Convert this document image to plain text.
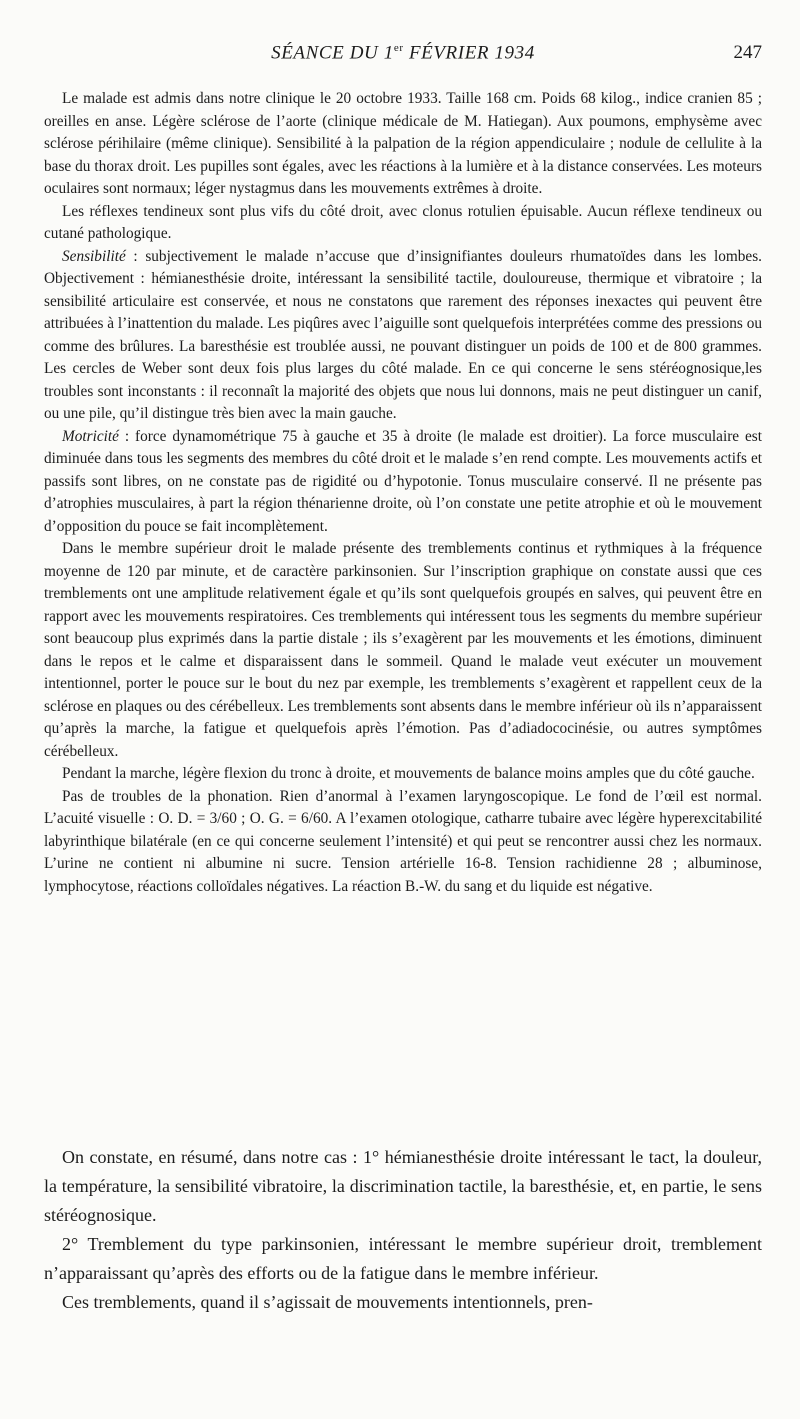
SÉANCE DU 1er FÉVRIER 1934	247

Le malade est admis dans notre clinique le 20 octobre 1933. Taille 168 cm. Poids 68 kilog., indice cranien 85 ; oreilles en anse. Légère sclérose de l’aorte (clinique médicale de M. Hatiegan). Aux poumons, emphysème avec sclérose périhilaire (même clinique). Sensibilité à la palpation de la région appendiculaire ; nodule de cellulite à la base du thorax droit. Les pupilles sont égales, avec les réactions à la lumière et à la distance conservées. Les moteurs oculaires sont normaux; léger nystagmus dans les mouvements extrêmes à droite.

Les réflexes tendineux sont plus vifs du côté droit, avec clonus rotulien épuisable. Aucun réflexe tendineux ou cutané pathologique.

Sensibilité : subjectivement le malade n’accuse que d’insignifiantes douleurs rhumatoïdes dans les lombes. Objectivement : hémianesthésie droite, intéressant la sensibilité tactile, douloureuse, thermique et vibratoire ; la sensibilité articulaire est conservée, et nous ne constatons que rarement des réponses inexactes qui peuvent être attribuées à l’inattention du malade. Les piqûres avec l’aiguille sont quelquefois interprétées comme des pressions ou comme des brûlures. La baresthésie est troublée aussi, ne pouvant distinguer un poids de 100 et de 800 grammes. Les cercles de Weber sont deux fois plus larges du côté malade. En ce qui concerne le sens stéréognosique,les troubles sont inconstants : il reconnaît la majorité des objets que nous lui donnons, mais ne peut distinguer un canif, ou une pile, qu’il distingue très bien avec la main gauche.

Motricité : force dynamométrique 75 à gauche et 35 à droite (le malade est droitier). La force musculaire est diminuée dans tous les segments des membres du côté droit et le malade s’en rend compte. Les mouvements actifs et passifs sont libres, on ne constate pas de rigidité ou d’hypotonie. Tonus musculaire conservé. Il ne présente pas d’atrophies musculaires, à part la région thénarienne droite, où l’on constate une petite atrophie et où le mouvement d’opposition du pouce se fait incomplètement.

Dans le membre supérieur droit le malade présente des tremblements continus et rythmiques à la fréquence moyenne de 120 par minute, et de caractère parkinsonien. Sur l’inscription graphique on constate aussi que ces tremblements ont une amplitude relativement égale et qu’ils sont quelquefois groupés en salves, qui peuvent être en rapport avec les mouvements respiratoires. Ces tremblements qui intéressent tous les segments du membre supérieur sont beaucoup plus exprimés dans la partie distale ; ils s’exagèrent par les mouvements et les émotions, diminuent dans le repos et le calme et disparaissent dans le sommeil. Quand le malade veut exécuter un mouvement intentionnel, porter le pouce sur le bout du nez par exemple, les tremblements s’exagèrent et rappellent ceux de la sclérose en plaques ou des cérébelleux. Les tremblements sont absents dans le membre inférieur où ils n’apparaissent qu’après la marche, la fatigue et quelquefois après l’émotion. Pas d’adiadococinésie, ou autres symptômes cérébelleux.

Pendant la marche, légère flexion du tronc à droite, et mouvements de balance moins amples que du côté gauche.

Pas de troubles de la phonation. Rien d’anormal à l’examen laryngoscopique. Le fond de l’œil est normal. L’acuité visuelle : O. D. = 3/60 ; O. G. = 6/60. A l’examen otologique, catharre tubaire avec légère hyperexcitabilité labyrinthique bilatérale (en ce qui concerne seulement l’intensité) et qui peut se rencontrer aussi chez les normaux. L’urine ne contient ni albumine ni sucre. Tension artérielle 16-8. Tension rachidienne 28 ; albuminose, lymphocytose, réactions colloïdales négatives. La réaction B.-W. du sang et du liquide est négative.

On constate, en résumé, dans notre cas : 1° hémianesthésie droite intéressant le tact, la douleur, la température, la sensibilité vibratoire, la discrimination tactile, la baresthésie, et, en partie, le sens stéréognosique.

2° Tremblement du type parkinsonien, intéressant le membre supérieur droit, tremblement n’apparaissant qu’après des efforts ou de la fatigue dans le membre inférieur.

Ces tremblements, quand il s’agissait de mouvements intentionnels, pren-
